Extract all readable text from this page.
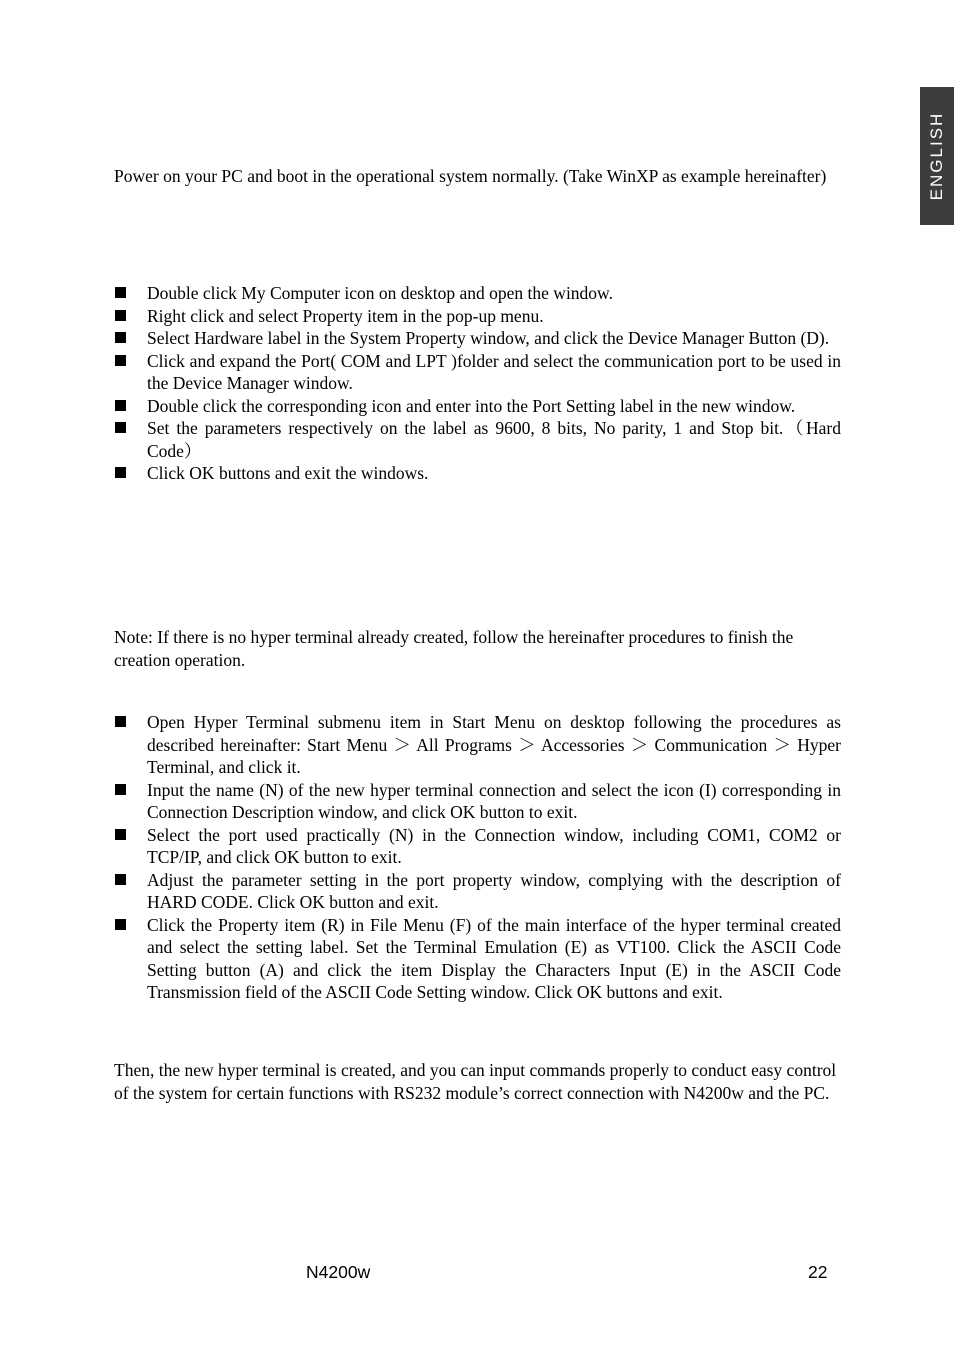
ENGLISH

Power on your PC and boot in the operational system normally. (Take WinXP as example hereinafter)

Double click My Computer icon on desktop and open the window.
Right click and select Property item in the pop-up menu.
Select Hardware label in the System Property window, and click the Device Manager Button (D).
Click and expand the Port( COM and LPT )folder and select the communication port to be used in the Device Manager window.
Double click the corresponding icon and enter into the Port Setting label in the new window.
Set the parameters respectively on the label as 9600, 8 bits, No parity, 1 and Stop bit.（Hard Code）
Click OK buttons and exit the windows.

Note: If there is no hyper terminal already created, follow the hereinafter procedures to finish the creation operation.

Open Hyper Terminal submenu item in Start Menu on desktop following the procedures as described hereinafter: Start Menu ＞ All Programs ＞ Accessories ＞ Communication ＞ Hyper Terminal, and click it.
Input the name (N) of the new hyper terminal connection and select the icon (I) corresponding in Connection Description window, and click OK button to exit.
Select the port used practically (N) in the Connection window, including COM1, COM2 or TCP/IP, and click OK button to exit.
Adjust the parameter setting in the port property window, complying with the description of HARD CODE. Click OK button and exit.
Click the Property item (R) in File Menu (F) of the main interface of the hyper terminal created and select the setting label. Set the Terminal Emulation (E) as VT100. Click the ASCII Code Setting button (A) and click the item Display the Characters Input (E) in the ASCII Code Transmission field of the ASCII Code Setting window. Click OK buttons and exit.

Then, the new hyper terminal is created, and you can input commands properly to conduct easy control of the system for certain functions with RS232 module’s correct connection with N4200w and the PC.

N4200w	22
